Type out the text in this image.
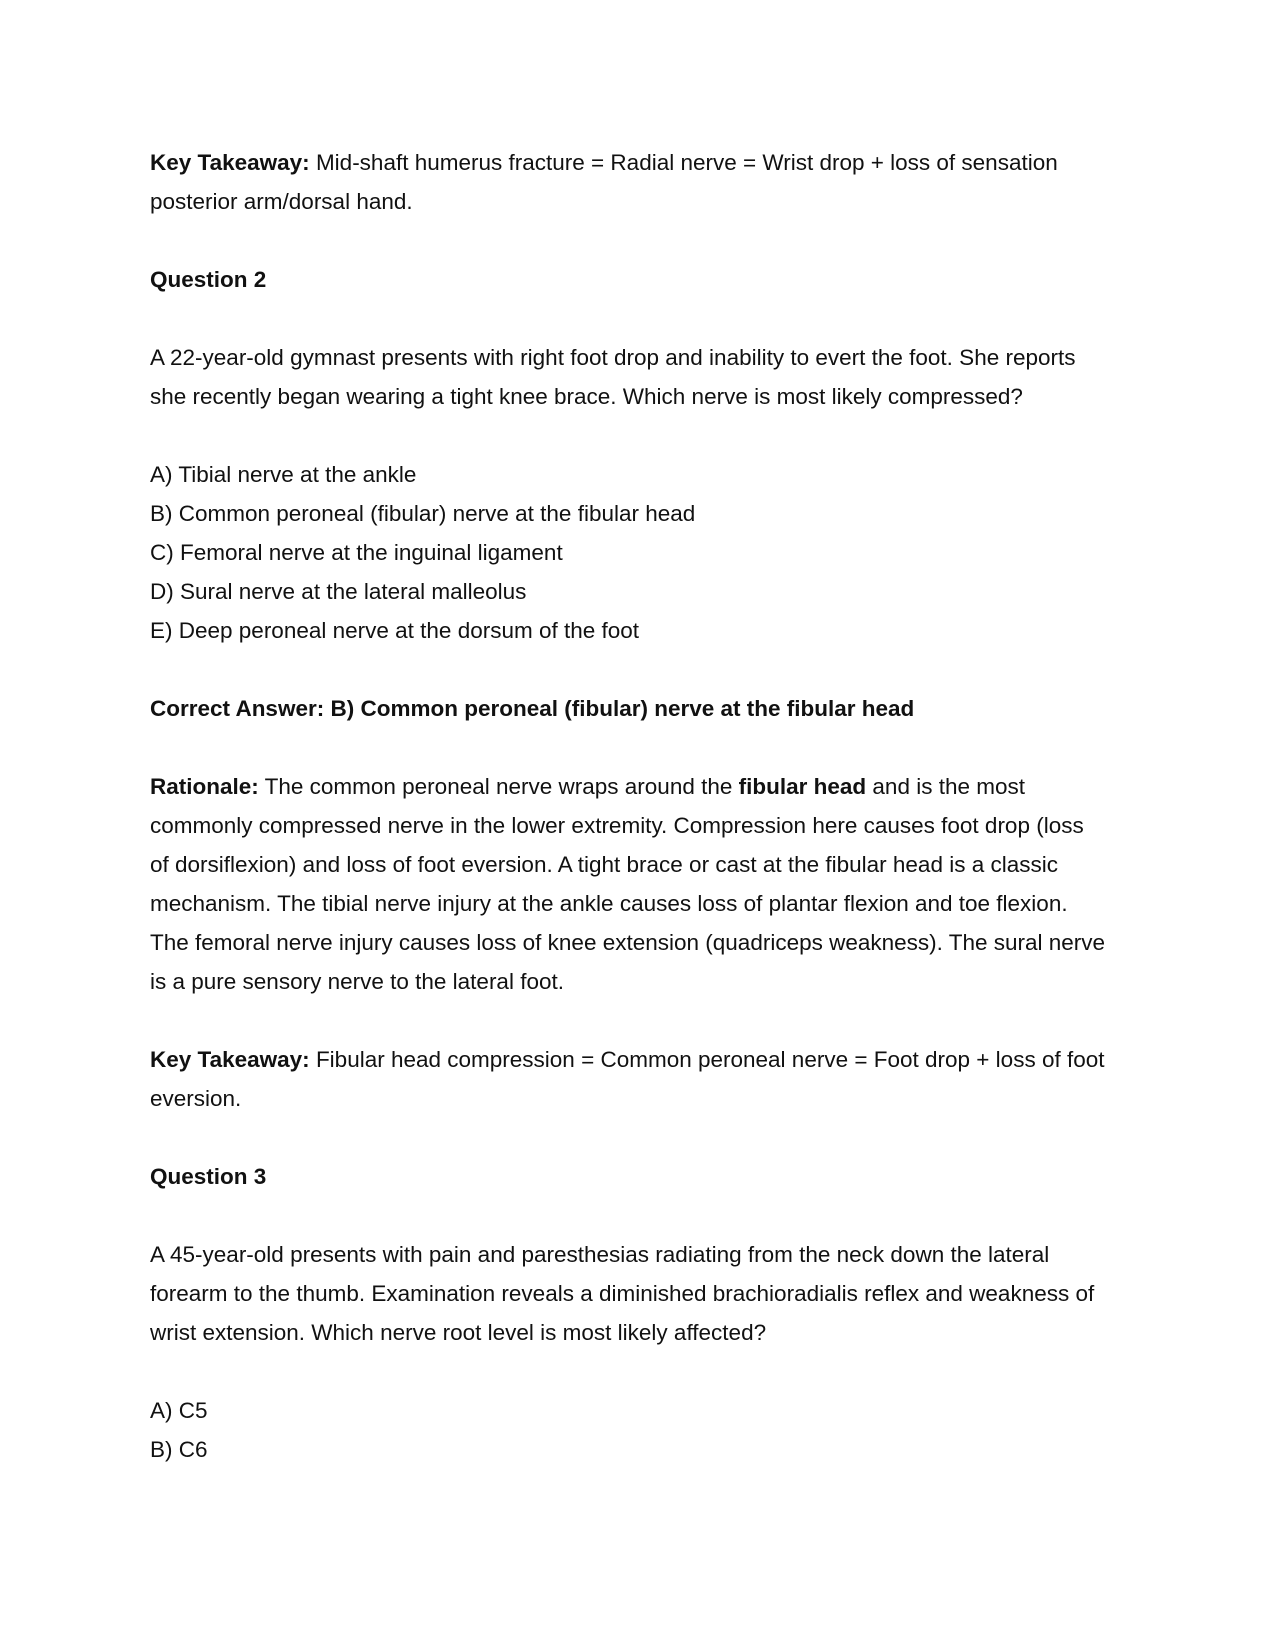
Key Takeaway: Mid-shaft humerus fracture = Radial nerve = Wrist drop + loss of sensation

posterior arm/dorsal hand.

Question 2

A 22-year-old gymnast presents with right foot drop and inability to evert the foot. She reports

she recently began wearing a tight knee brace. Which nerve is most likely compressed?

A) Tibial nerve at the ankle

B) Common peroneal (fibular) nerve at the fibular head

C) Femoral nerve at the inguinal ligament

D) Sural nerve at the lateral malleolus

E) Deep peroneal nerve at the dorsum of the foot

Correct Answer: B) Common peroneal (fibular) nerve at the fibular head

Rationale: The common peroneal nerve wraps around the fibular head and is the most

commonly compressed nerve in the lower extremity. Compression here causes foot drop (loss

of dorsiflexion) and loss of foot eversion. A tight brace or cast at the fibular head is a classic

mechanism. The tibial nerve injury at the ankle causes loss of plantar flexion and toe flexion.

The femoral nerve injury causes loss of knee extension (quadriceps weakness). The sural nerve

is a pure sensory nerve to the lateral foot.

Key Takeaway: Fibular head compression = Common peroneal nerve = Foot drop + loss of foot

eversion.

Question 3

A 45-year-old presents with pain and paresthesias radiating from the neck down the lateral

forearm to the thumb. Examination reveals a diminished brachioradialis reflex and weakness of

wrist extension. Which nerve root level is most likely affected?

A) C5

B) C6
